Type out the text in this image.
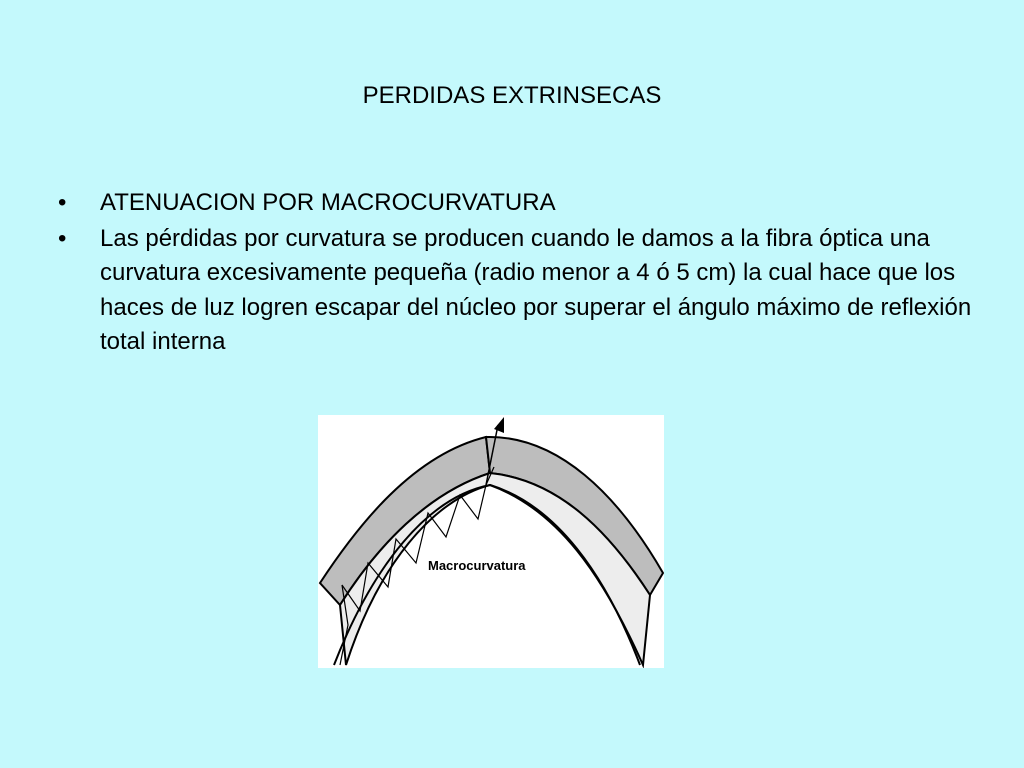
PERDIDAS EXTRINSECAS
• ATENUACION POR MACROCURVATURA
• Las pérdidas por curvatura se producen cuando le damos a la fibra óptica una curvatura excesivamente pequeña (radio menor a 4 ó 5 cm) la cual hace que los haces de luz logren escapar del núcleo por superar el ángulo máximo de reflexión total interna
Macrocurvatura
